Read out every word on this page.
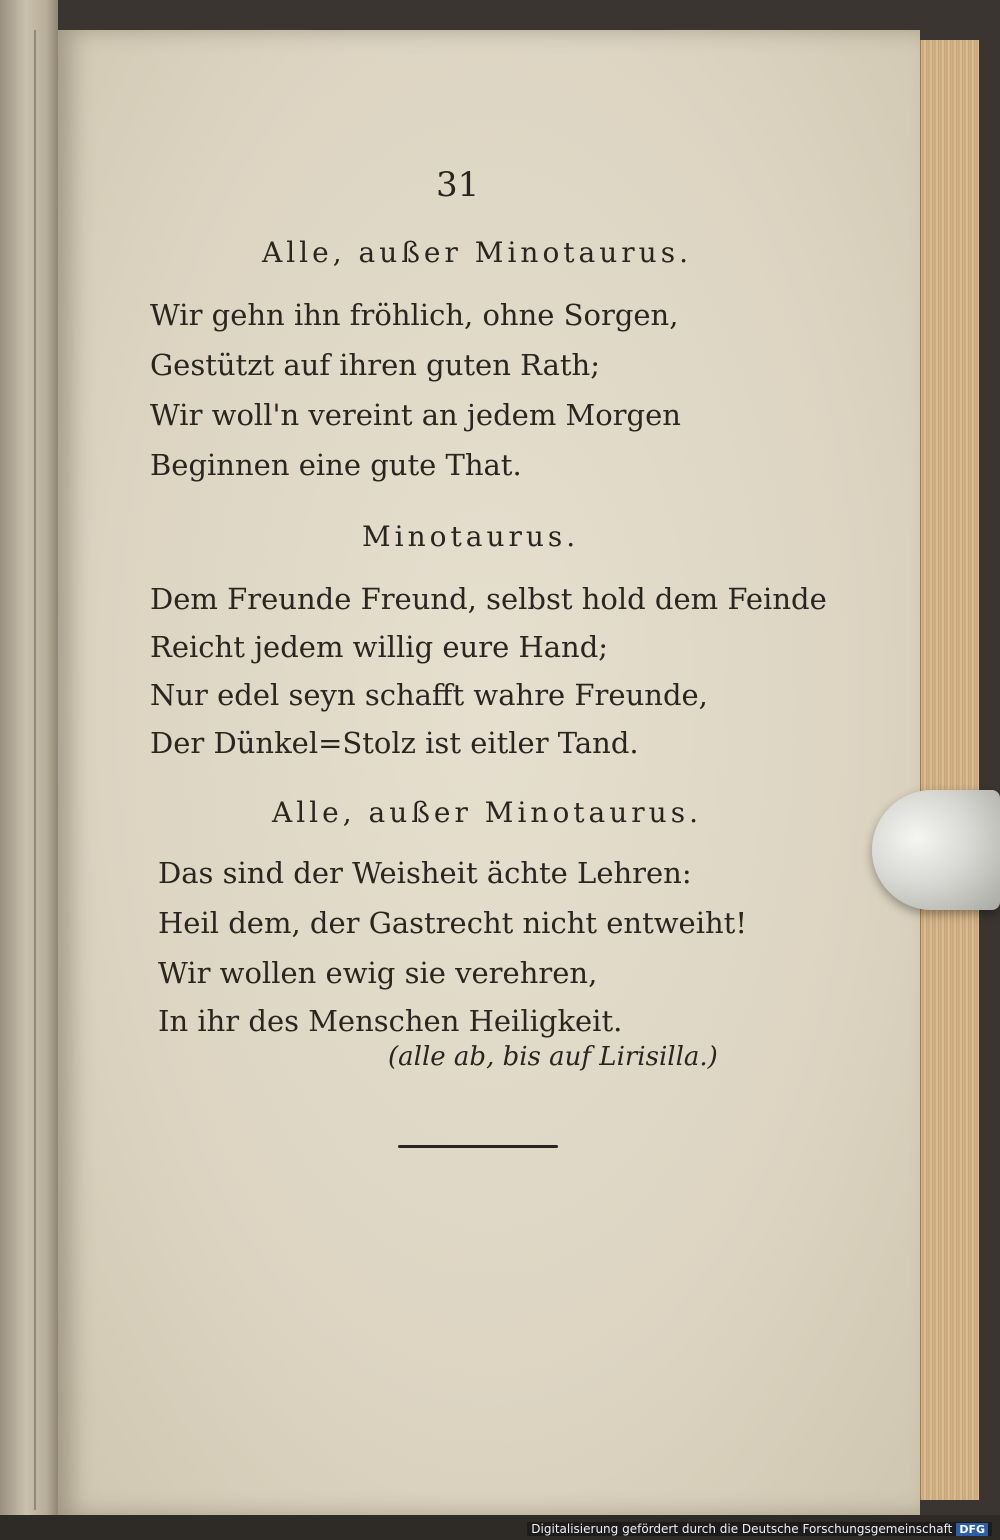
31
Alle, außer Minotaurus.
Wir gehn ihn fröhlich, ohne Sorgen,
Gestützt auf ihren guten Rath;
Wir woll'n vereint an jedem Morgen
Beginnen eine gute That.
Minotaurus.
Dem Freunde Freund, selbst hold dem Feinde
Reicht jedem willig eure Hand;
Nur edel seyn schafft wahre Freunde,
Der Dünkel=Stolz ist eitler Tand.
Alle, außer Minotaurus.
Das sind der Weisheit ächte Lehren:
Heil dem, der Gastrecht nicht entweiht!
Wir wollen ewig sie verehren,
In ihr des Menschen Heiligkeit.
(alle ab, bis auf Lirisilla.)
Digitalisierung gefördert durch die Deutsche Forschungsgemeinschaft DFG
